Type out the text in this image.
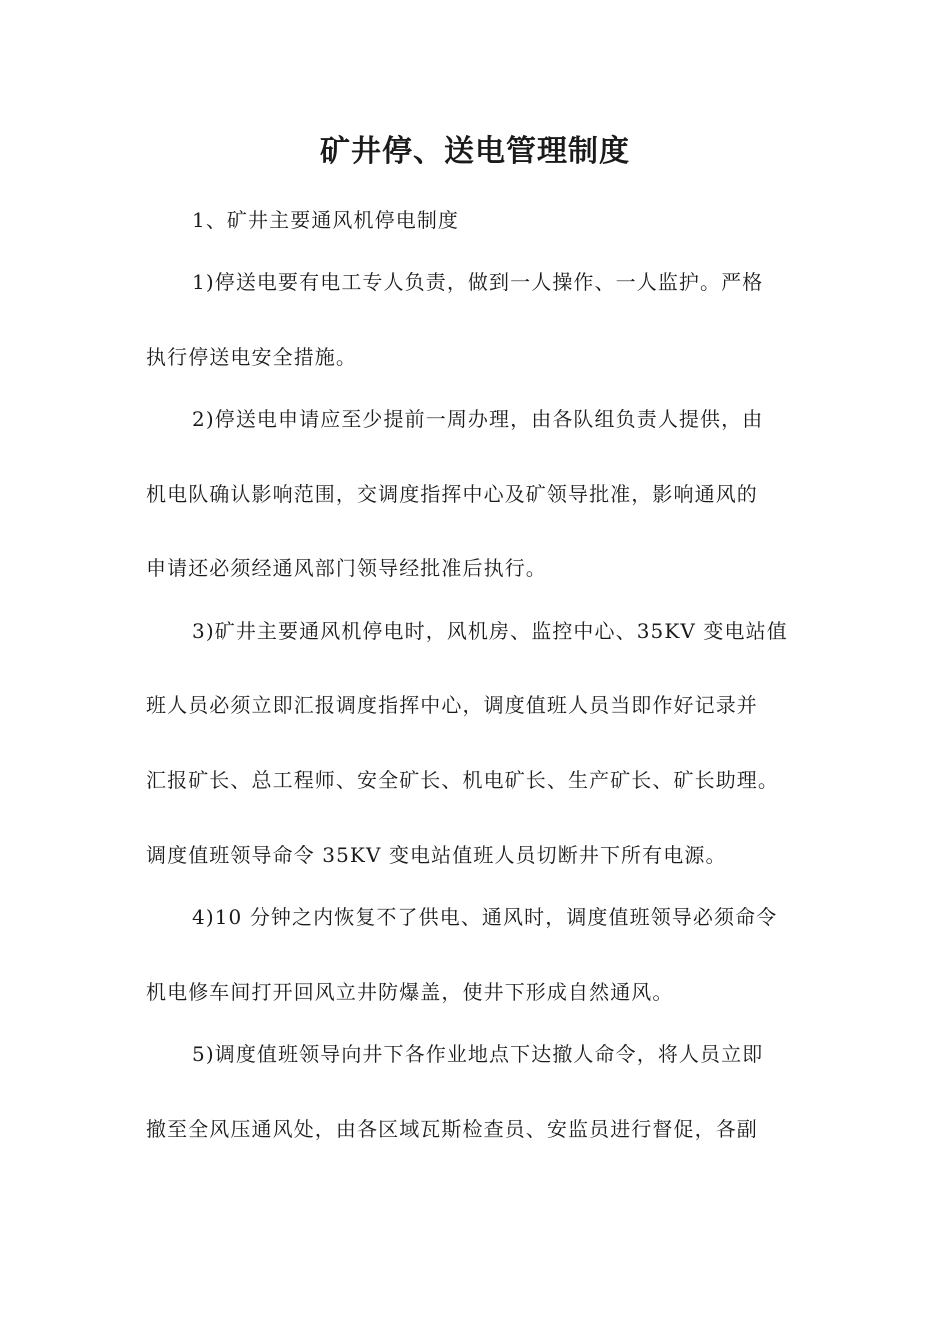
矿井停、送电管理制度

1、矿井主要通风机停电制度

1)停送电要有电工专人负责，做到一人操作、一人监护。严格

执行停送电安全措施。

2)停送电申请应至少提前一周办理，由各队组负责人提供，由

机电队确认影响范围，交调度指挥中心及矿领导批准，影响通风的

申请还必须经通风部门领导经批准后执行。

3)矿井主要通风机停电时，风机房、监控中心、35KV 变电站值

班人员必须立即汇报调度指挥中心，调度值班人员当即作好记录并

汇报矿长、总工程师、安全矿长、机电矿长、生产矿长、矿长助理。

调度值班领导命令 35KV 变电站值班人员切断井下所有电源。

4)10 分钟之内恢复不了供电、通风时，调度值班领导必须命令

机电修车间打开回风立井防爆盖，使井下形成自然通风。

5)调度值班领导向井下各作业地点下达撤人命令，将人员立即

撤至全风压通风处，由各区域瓦斯检查员、安监员进行督促，各副
